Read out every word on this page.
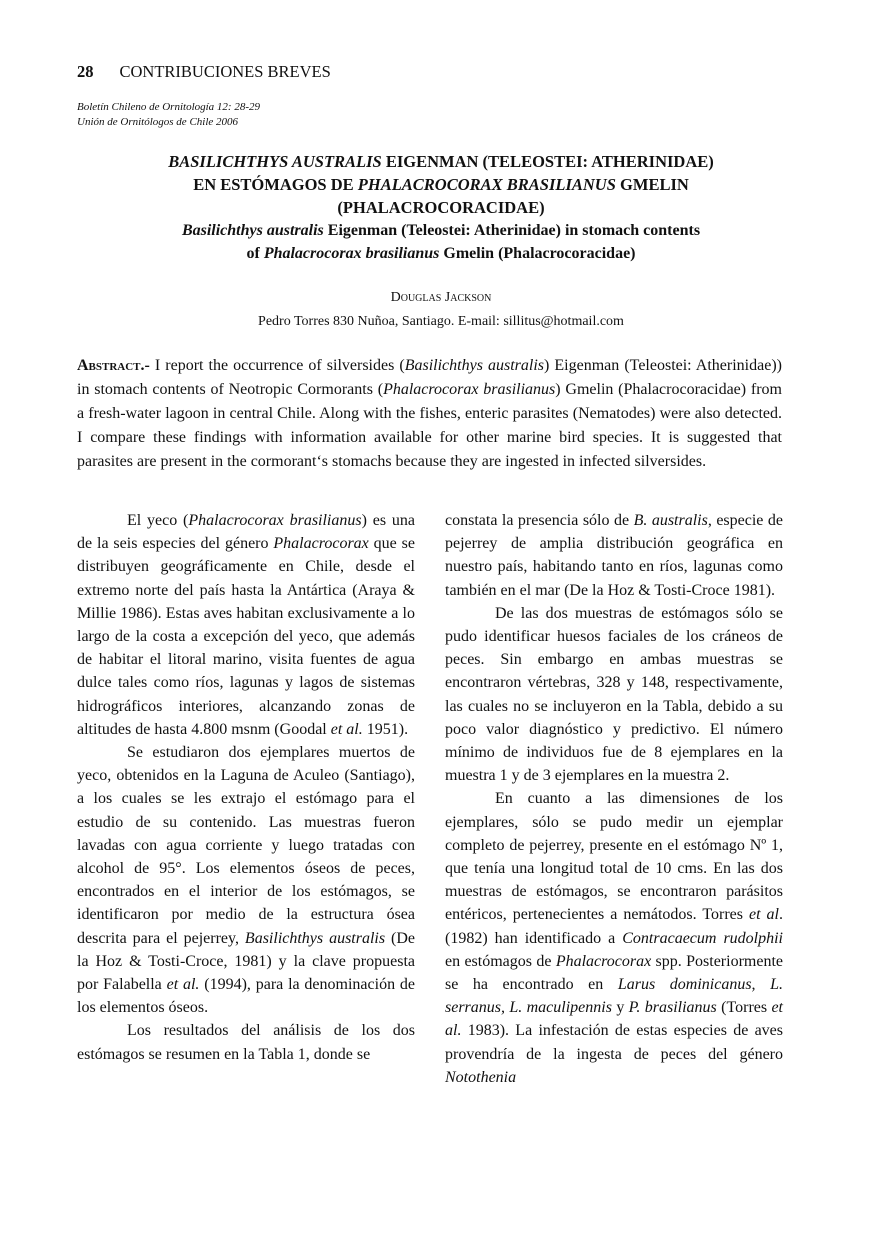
28 CONTRIBUCIONES BREVES
Boletín Chileno de Ornitología 12: 28-29
Unión de Ornitólogos de Chile 2006
BASILICHTHYS AUSTRALIS EIGENMAN (TELEOSTEI: ATHERINIDAE)
EN ESTÓMAGOS DE PHALACROCORAX BRASILIANUS GMELIN
(PHALACROCORACIDAE)
Basilichthys australis Eigenman (Teleostei: Atherinidae) in stomach contents
of Phalacrocorax brasilianus Gmelin (Phalacrocoracidae)
Douglas Jackson
Pedro Torres 830 Nuñoa, Santiago. E-mail: sillitus@hotmail.com
Abstract.- I report the occurrence of silversides (Basilichthys australis) Eigenman (Teleostei: Atherinidae)) in stomach contents of Neotropic Cormorants (Phalacrocorax brasilianus) Gmelin (Phalacrocoracidae) from a fresh-water lagoon in central Chile. Along with the fishes, enteric parasites (Nematodes) were also detected. I compare these findings with information available for other marine bird species. It is suggested that parasites are present in the cormorant‘s stomachs because they are ingested in infected silversides.

El yeco (Phalacrocorax brasilianus) es una de la seis especies del género Phalacrocorax que se distribuyen geográficamente en Chile, desde el extremo norte del país hasta la Antártica (Araya & Millie 1986). Estas aves habitan exclusivamente a lo largo de la costa a excepción del yeco, que además de habitar el litoral marino, visita fuentes de agua dulce tales como ríos, lagunas y lagos de sistemas hidrográficos interiores, alcanzando zonas de altitudes de hasta 4.800 msnm (Goodal et al. 1951).

Se estudiaron dos ejemplares muertos de yeco, obtenidos en la Laguna de Aculeo (Santiago), a los cuales se les extrajo el estómago para el estudio de su contenido. Las muestras fueron lavadas con agua corriente y luego tratadas con alcohol de 95°. Los elementos óseos de peces, encontrados en el interior de los estómagos, se identificaron por medio de la estructura ósea descrita para el pejerrey, Basilichthys australis (De la Hoz & Tosti-Croce, 1981) y la clave propuesta por Falabella et al. (1994), para la denominación de los elementos óseos.

Los resultados del análisis de los dos estómagos se resumen en la Tabla 1, donde se

constata la presencia sólo de B. australis, especie de pejerrey de amplia distribución geográfica en nuestro país, habitando tanto en ríos, lagunas como también en el mar (De la Hoz & Tosti-Croce 1981).

De las dos muestras de estómagos sólo se pudo identificar huesos faciales de los cráneos de peces. Sin embargo en ambas muestras se encontraron vértebras, 328 y 148, respectivamente, las cuales no se incluyeron en la Tabla, debido a su poco valor diagnóstico y predictivo. El número mínimo de individuos fue de 8 ejemplares en la muestra 1 y de 3 ejemplares en la muestra 2.

En cuanto a las dimensiones de los ejemplares, sólo se pudo medir un ejemplar completo de pejerrey, presente en el estómago Nº 1, que tenía una longitud total de 10 cms. En las dos muestras de estómagos, se encontraron parásitos entéricos, pertenecientes a nemátodos. Torres et al. (1982) han identificado a Contracaecum rudolphii en estómagos de Phalacrocorax spp. Posteriormente se ha encontrado en Larus dominicanus, L. serranus, L. maculipennis y P. brasilianus (Torres et al. 1983). La infestación de estas especies de aves provendría de la ingesta de peces del género Notothenia
